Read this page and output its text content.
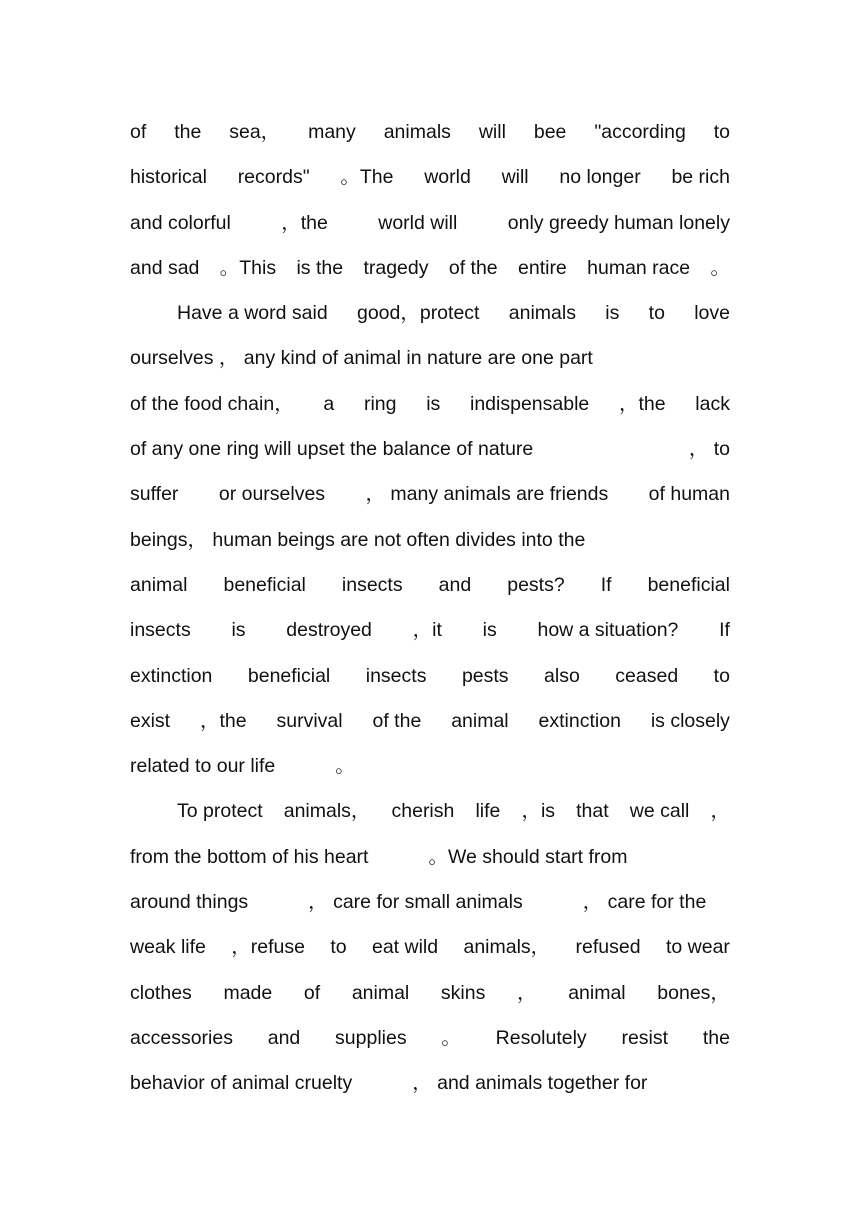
of the sea， many animals will bee "according to
historical records" 。The world will no longer be rich
and colorful	，the	world will	only greedy human lonely
and sad 。This is the tragedy of the entire human race 。
Have a word said good，protect animals is to love
ourselves ， any kind of animal in nature are one part
of the food chain， a ring is indispensable ，the lack
of any one ring will upset the balance of nature	， to
suffer or ourselves ， many animals are friends of human
beings， human beings are not often divides into the
animal beneficial insects and pests? If beneficial
insects is destroyed ，it is how a situation? If
extinction beneficial insects pests also ceased to
exist ，the survival of the animal extinction is closely
related to our life	。
To protect animals， cherish life ，is that we call ，
from the bottom of his heart	。We should start from
around things	， care for small animals	， care for the
weak life ，refuse to eat wild animals， refused to wear
clothes made of animal skins ， animal bones，
accessories and supplies 。 Resolutely resist the
behavior of animal cruelty	， and animals together for
